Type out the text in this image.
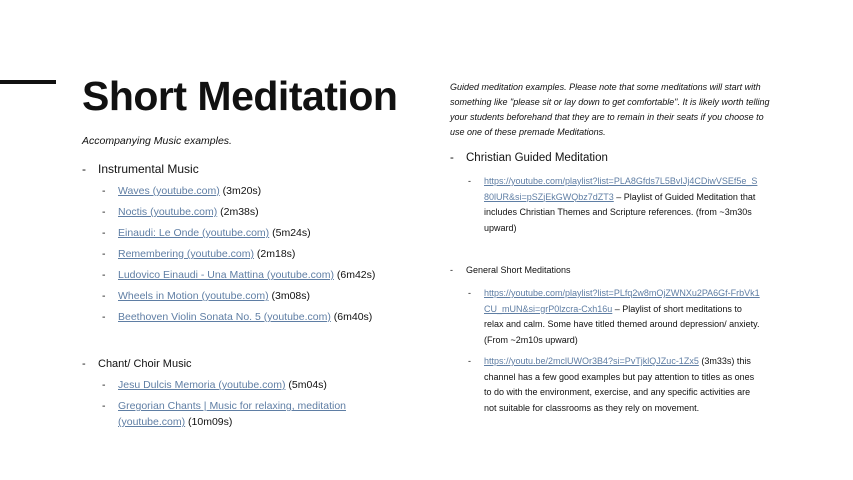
Short Meditation
Accompanying Music examples.
- Instrumental Music
- Waves (youtube.com) (3m20s)
- Noctis (youtube.com) (2m38s)
- Einaudi: Le Onde (youtube.com) (5m24s)
- Remembering (youtube.com) (2m18s)
- Ludovico Einaudi - Una Mattina (youtube.com) (6m42s)
- Wheels in Motion (youtube.com) (3m08s)
- Beethoven Violin Sonata No. 5 (youtube.com) (6m40s)
- Chant/ Choir Music
- Jesu Dulcis Memoria (youtube.com) (5m04s)
- Gregorian Chants | Music for relaxing, meditation (youtube.com) (10m09s)
Guided meditation examples. Please note that some meditations will start with something like "please sit or lay down to get comfortable". It is likely worth telling your students beforehand that they are to remain in their seats if you choose to use one of these premade Meditations.
- Christian Guided Meditation
- https://youtube.com/playlist?list=PLA8Gfds7L5BvIJj4CDiwVSEf5e_S80lUR&si=pSZjEkGWQbz7dZT3 – Playlist of Guided Meditation that includes Christian Themes and Scripture references. (from ~3m30s upward)
- General Short Meditations
- https://youtube.com/playlist?list=PLfq2w8mOjZWNXu2PA6Gf-FrbVk1CU_mUN&si=grP0lzcra-Cxh16u – Playlist of short meditations to relax and calm. Some have titled themed around depression/ anxiety. (From ~2m10s upward)
- https://youtu.be/2mclUWOr3B4?si=PvTjklQJZuc-1Zx5 (3m33s) this channel has a few good examples but pay attention to titles as ones to do with the environment, exercise, and any specific activities are not suitable for classrooms as they rely on movement.
